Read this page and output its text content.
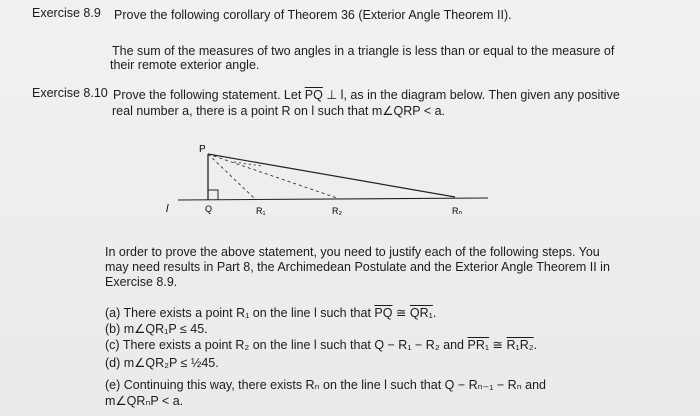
Exercise 8.9 Prove the following corollary of Theorem 36 (Exterior Angle Theorem II).
The sum of the measures of two angles in a triangle is less than or equal to the measure of
their remote exterior angle.
Exercise 8.10 Prove the following statement. Let $\overline{PQ}$ ⊥ l, as in the diagram below. Then given any positive
real number a, there is a point R on l such that m∠QRP < a.
P
l	Q	R₁	R₂	Rₙ
In order to prove the above statement, you need to justify each of the following steps. You
may need results in Part 8, the Archimedean Postulate and the Exterior Angle Theorem II in
Exercise 8.9.
(a) There exists a point R₁ on the line l such that $\overline{PQ}$ ≅ QR₁.
(b) m∠QR₁P ≤ 45.
(c) There exists a point R₂ on the line l such that Q − R₁ − R₂ and PR₁ ≅ R₁R₂.
(d) m∠QR₂P ≤ ½45.
(e) Continuing this way, there exists Rₙ on the line l such that Q − Rₙ₋₁ − Rₙ and
m∠QRₙP < a.
